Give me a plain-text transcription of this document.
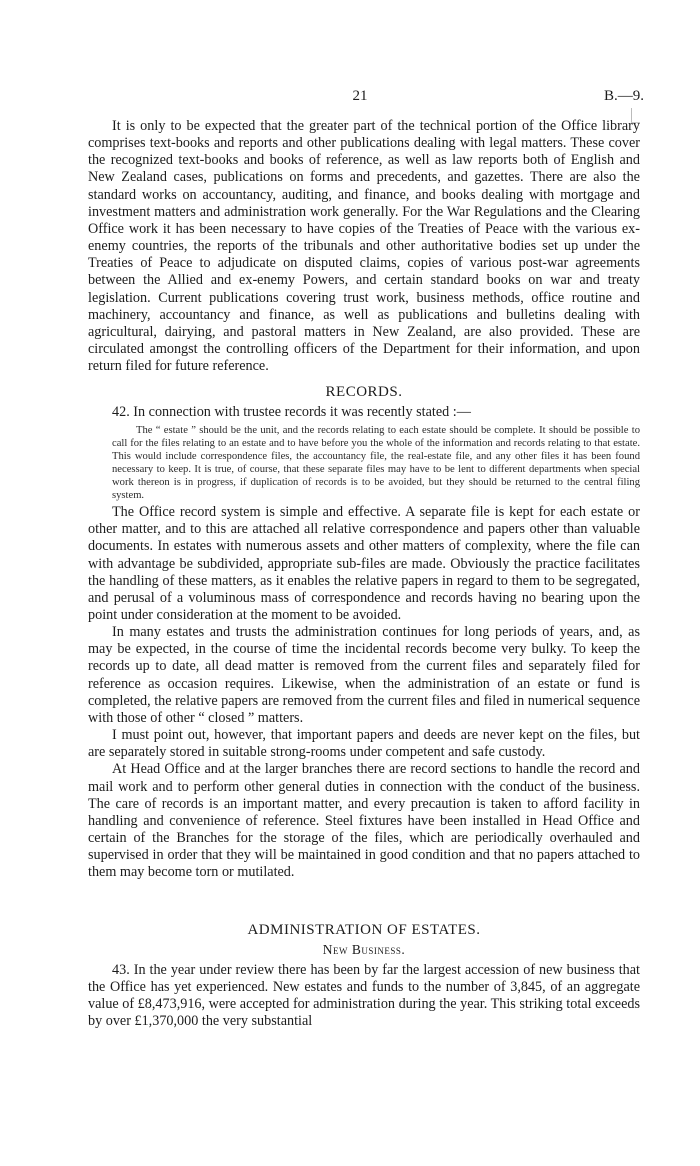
21	B.—9.

It is only to be expected that the greater part of the technical portion of the Office library comprises text-books and reports and other publications dealing with legal matters. These cover the recognized text-books and books of reference, as well as law reports both of English and New Zealand cases, publications on forms and precedents, and gazettes. There are also the standard works on accountancy, auditing, and finance, and books dealing with mortgage and investment matters and administration work generally. For the War Regulations and the Clearing Office work it has been necessary to have copies of the Treaties of Peace with the various ex-enemy countries, the reports of the tribunals and other authoritative bodies set up under the Treaties of Peace to adjudicate on disputed claims, copies of various post-war agreements between the Allied and ex-enemy Powers, and certain standard books on war and treaty legislation. Current publications covering trust work, business methods, office routine and machinery, accountancy and finance, as well as publications and bulletins dealing with agricultural, dairying, and pastoral matters in New Zealand, are also provided. These are circulated amongst the controlling officers of the Department for their information, and upon return filed for future reference.

RECORDS.

42. In connection with trustee records it was recently stated :—

The “ estate ” should be the unit, and the records relating to each estate should be complete. It should be possible to call for the files relating to an estate and to have before you the whole of the information and records relating to that estate. This would include correspondence files, the accountancy file, the real-estate file, and any other files it has been found necessary to keep. It is true, of course, that these separate files may have to be lent to different departments when special work thereon is in progress, if duplication of records is to be avoided, but they should be returned to the central filing system.

The Office record system is simple and effective. A separate file is kept for each estate or other matter, and to this are attached all relative correspondence and papers other than valuable documents. In estates with numerous assets and other matters of complexity, where the file can with advantage be subdivided, appropriate sub-files are made. Obviously the practice facilitates the handling of these matters, as it enables the relative papers in regard to them to be segregated, and perusal of a voluminous mass of correspondence and records having no bearing upon the point under consideration at the moment to be avoided.

In many estates and trusts the administration continues for long periods of years, and, as may be expected, in the course of time the incidental records become very bulky. To keep the records up to date, all dead matter is removed from the current files and separately filed for reference as occasion requires. Likewise, when the administration of an estate or fund is completed, the relative papers are removed from the current files and filed in numerical sequence with those of other “ closed ” matters.

I must point out, however, that important papers and deeds are never kept on the files, but are separately stored in suitable strong-rooms under competent and safe custody.

At Head Office and at the larger branches there are record sections to handle the record and mail work and to perform other general duties in connection with the conduct of the business. The care of records is an important matter, and every precaution is taken to afford facility in handling and convenience of reference. Steel fixtures have been installed in Head Office and certain of the Branches for the storage of the files, which are periodically overhauled and supervised in order that they will be maintained in good condition and that no papers attached to them may become torn or mutilated.

ADMINISTRATION OF ESTATES.
New Business.

43. In the year under review there has been by far the largest accession of new business that the Office has yet experienced. New estates and funds to the number of 3,845, of an aggregate value of £8,473,916, were accepted for administration during the year. This striking total exceeds by over £1,370,000 the very substantial
